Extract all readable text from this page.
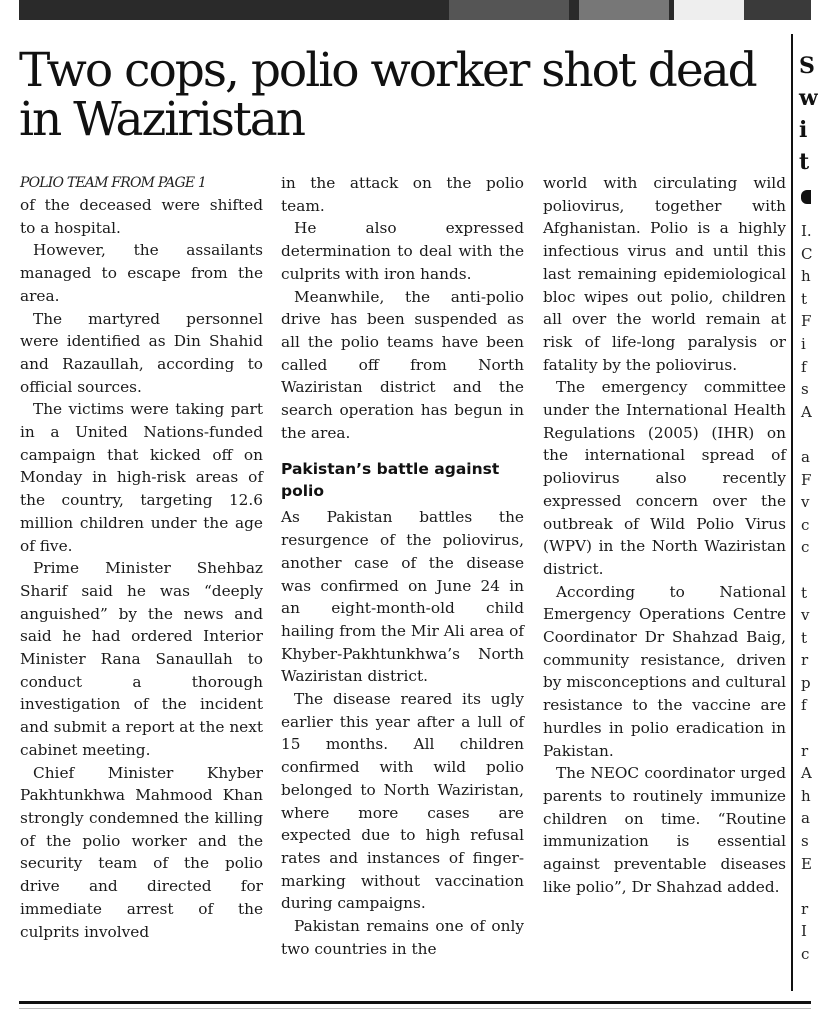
Two cops, polio worker shot dead in Waziristan
POLIO TEAM FROM PAGE 1

of the deceased were shifted to a hospital.

However, the assailants managed to escape from the area.

The martyred personnel were identified as Din Shahid and Razaullah, according to official sources.

The victims were taking part in a United Nations-funded campaign that kicked off on Monday in high-risk areas of the country, targeting 12.6 million children under the age of five.

Prime Minister Shehbaz Sharif said he was “deeply anguished” by the news and said he had ordered Interior Minister Rana Sanaullah to conduct a thorough investigation of the incident and submit a report at the next cabinet meeting.

Chief Minister Khyber Pakhtunkhwa Mahmood Khan strongly condemned the killing of the polio worker and the security team of the polio drive and directed for immediate arrest of the culprits involved

in the attack on the polio team.

He also expressed determination to deal with the culprits with iron hands.

Meanwhile, the anti-polio drive has been suspended as all the polio teams have been called off from North Waziristan district and the search operation has begun in the area.

Pakistan’s battle against polio

As Pakistan battles the resurgence of the poliovirus, another case of the disease was confirmed on June 24 in an eight-month-old child hailing from the Mir Ali area of Khyber-Pakhtunkhwa’s North Waziristan district.

The disease reared its ugly earlier this year after a lull of 15 months. All children confirmed with wild polio belonged to North Waziristan, where more cases are expected due to high refusal rates and instances of finger-marking without vaccination during campaigns.

Pakistan remains one of only two countries in the

world with circulating wild poliovirus, together with Afghanistan. Polio is a highly infectious virus and until this last remaining epidemiological bloc wipes out polio, children all over the world remain at risk of life-long paralysis or fatality by the poliovirus.

The emergency committee under the International Health Regulations (2005) (IHR) on the international spread of poliovirus also recently expressed concern over the outbreak of Wild Polio Virus (WPV) in the North Waziristan district.

According to National Emergency Operations Centre Coordinator Dr Shahzad Baig, community resistance, driven by misconceptions and cultural resistance to the vaccine are hurdles in polio eradication in Pakistan.

The NEOC coordinator urged parents to routinely immunize children on time. “Routine immunization is essential against preventable diseases like polio”, Dr Shahzad added.

S
w
i
t
I.
C
h
t
F
i
f
s
A
a
F
v
c
c
t
v
t
r
p
f
r
A
h
a
s
E
r
I
c
